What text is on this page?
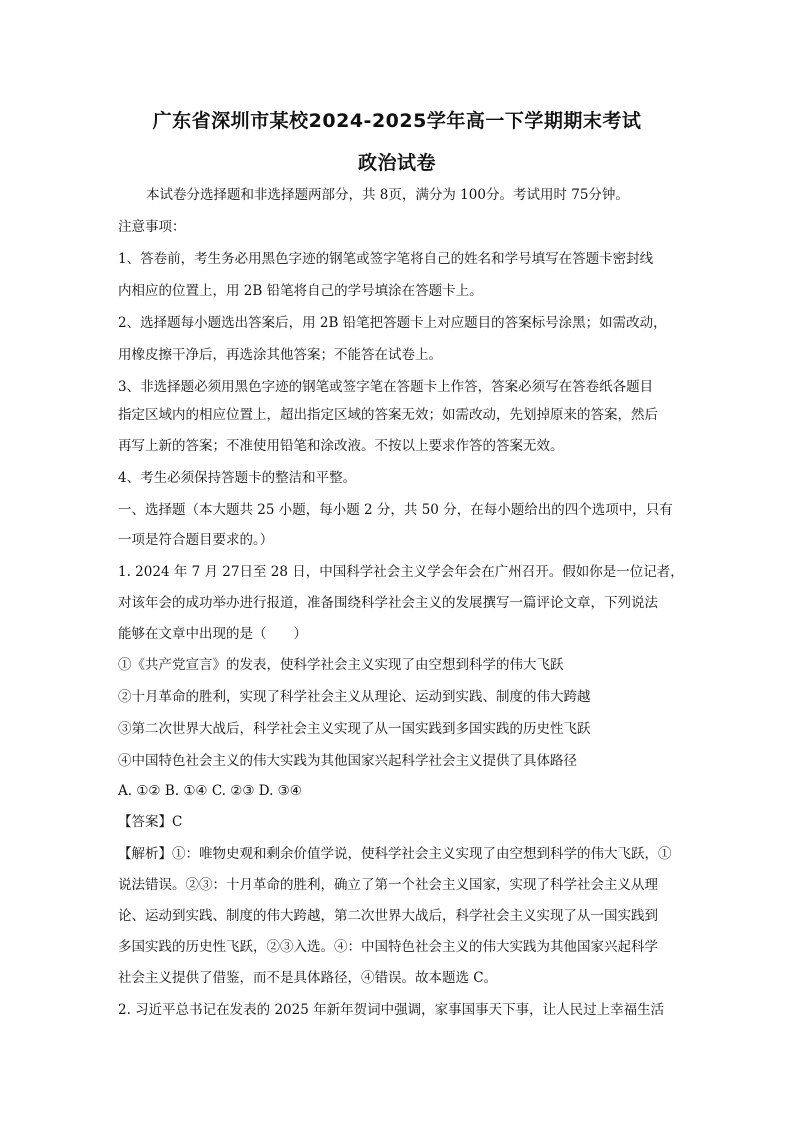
广东省深圳市某校2024-2025学年高一下学期期末考试
政治试卷
本试卷分选择题和非选择题两部分，共 8页，满分为 100分。考试用时 75分钟。
注意事项：
1、答卷前，考生务必用黑色字迹的钢笔或签字笔将自己的姓名和学号填写在答题卡密封线
内相应的位置上，用 2B 铅笔将自己的学号填涂在答题卡上。
2、选择题每小题选出答案后，用 2B 铅笔把答题卡上对应题目的答案标号涂黑；如需改动，
用橡皮擦干净后，再选涂其他答案；不能答在试卷上。
3、非选择题必须用黑色字迹的钢笔或签字笔在答题卡上作答，答案必须写在答卷纸各题目
指定区域内的相应位置上，超出指定区域的答案无效；如需改动，先划掉原来的答案，然后
再写上新的答案；不准使用铅笔和涂改液。不按以上要求作答的答案无效。
4、考生必须保持答题卡的整洁和平整。
一、选择题（本大题共 25 小题，每小题 2 分，共 50 分，在每小题给出的四个选项中，只有
一项是符合题目要求的。）
1. 2024 年 7 月 27日至 28 日，中国科学社会主义学会年会在广州召开。假如你是一位记者，
对该年会的成功举办进行报道，准备围绕科学社会主义的发展撰写一篇评论文章，下列说法
能够在文章中出现的是（　　）
①《共产党宣言》的发表，使科学社会主义实现了由空想到科学的伟大飞跃
②十月革命的胜利，实现了科学社会主义从理论、运动到实践、制度的伟大跨越
③第二次世界大战后，科学社会主义实现了从一国实践到多国实践的历史性飞跃
④中国特色社会主义的伟大实践为其他国家兴起科学社会主义提供了具体路径
A. ①② B. ①④ C. ②③ D. ③④
【答案】C
【解析】①：唯物史观和剩余价值学说，使科学社会主义实现了由空想到科学的伟大飞跃，①
说法错误。②③：十月革命的胜利，确立了第一个社会主义国家，实现了科学社会主义从理
论、运动到实践、制度的伟大跨越，第二次世界大战后，科学社会主义实现了从一国实践到
多国实践的历史性飞跃，②③入选。④：中国特色社会主义的伟大实践为其他国家兴起科学
社会主义提供了借鉴，而不是具体路径，④错误。故本题选 C。
2. 习近平总书记在发表的 2025 年新年贺词中强调，家事国事天下事，让人民过上幸福生活
